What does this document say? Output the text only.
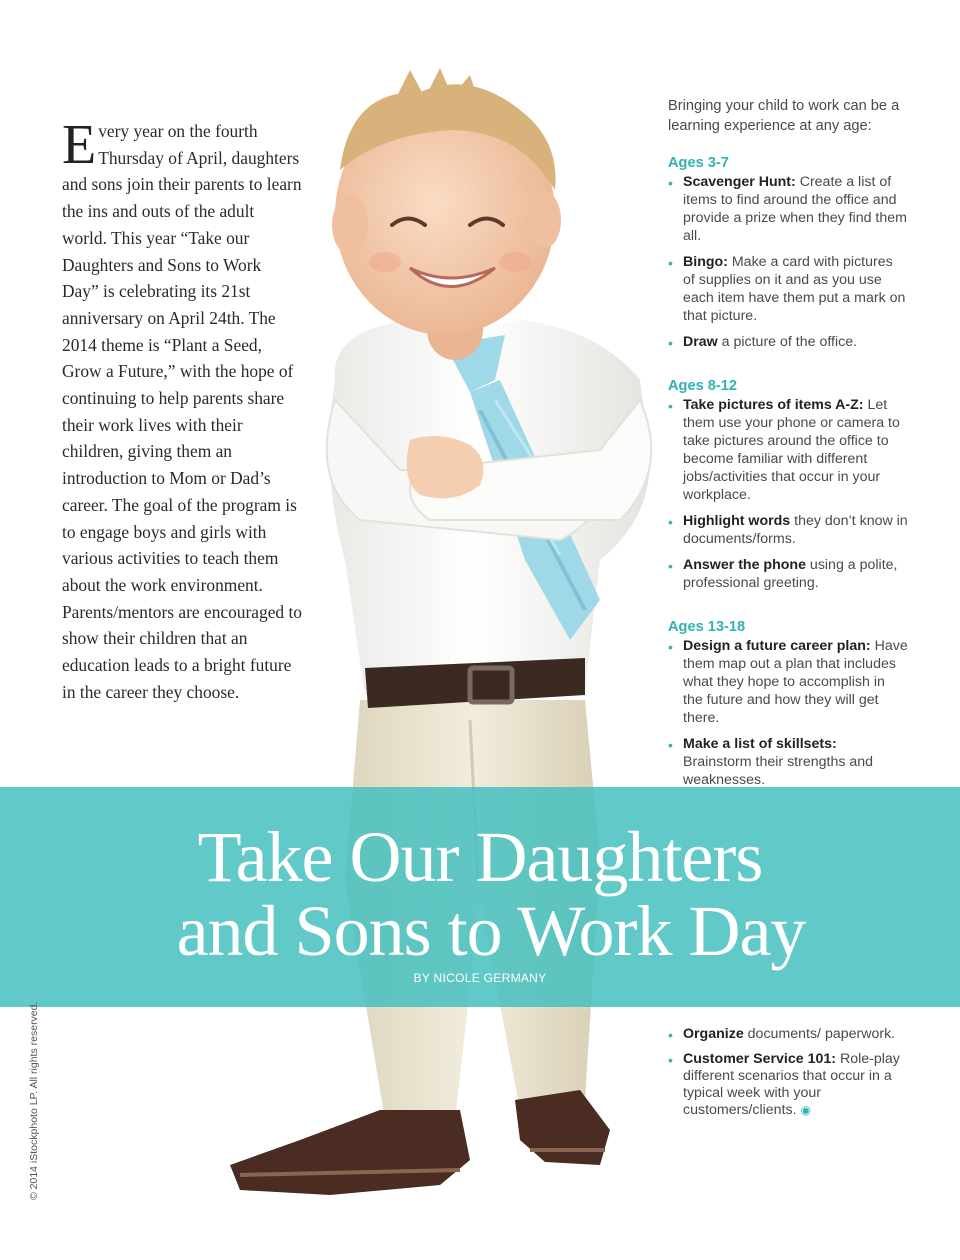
Every year on the fourth Thursday of April, daughters and sons join their parents to learn the ins and outs of the adult world. This year “Take our Daughters and Sons to Work Day” is celebrating its 21st anniversary on April 24th. The 2014 theme is “Plant a Seed, Grow a Future,” with the hope of continuing to help parents share their work lives with their children, giving them an introduction to Mom or Dad’s career. The goal of the program is to engage boys and girls with various activities to teach them about the work environment. Parents/mentors are encouraged to show their children that an education leads to a bright future in the career they choose.

Bringing your child to work can be a learning experience at any age:

Ages 3-7
• Scavenger Hunt: Create a list of items to find around the office and provide a prize when they find them all.
• Bingo: Make a card with pictures of supplies on it and as you use each item have them put a mark on that picture.
• Draw a picture of the office.
Ages 8-12
• Take pictures of items A-Z: Let them use your phone or camera to take pictures around the office to become familiar with different jobs/activities that occur in your workplace.
• Highlight words they don’t know in documents/forms.
• Answer the phone using a polite, professional greeting.
Ages 13-18
• Design a future career plan: Have them map out a plan that includes what they hope to accomplish in the future and how they will get there.
• Make a list of skillsets: Brainstorm their strengths and weaknesses.
Take Our Daughters
and Sons to Work Day
BY NICOLE GERMANY
• Organize documents/ paperwork.
• Customer Service 101: Role-play different scenarios that occur in a typical week with your customers/clients. ◉
© 2014 iStockphoto LP. All rights reserved.
